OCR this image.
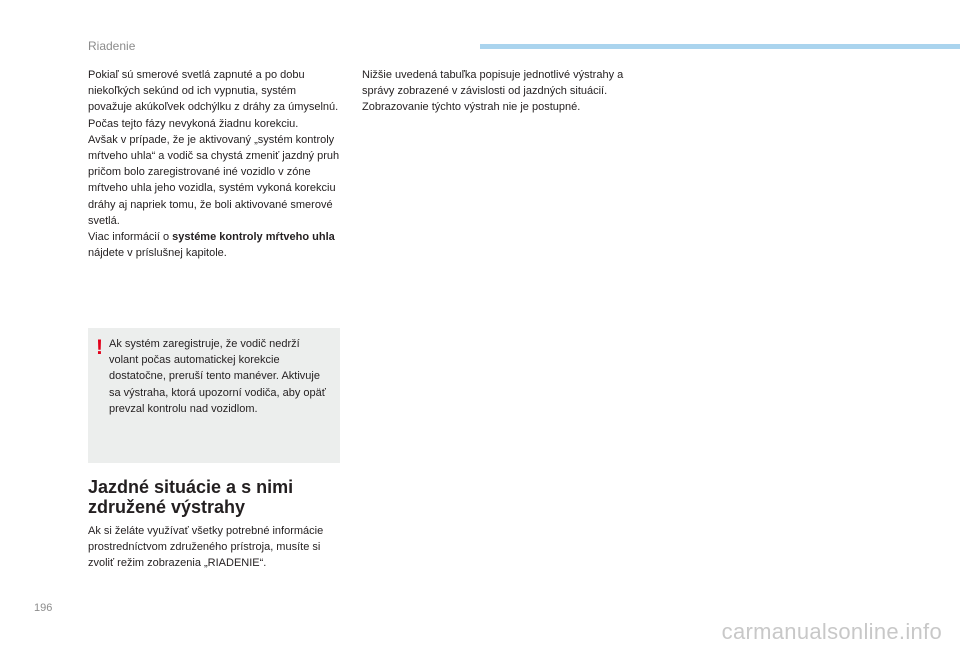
Riadenie

Pokiaľ sú smerové svetlá zapnuté a po dobu niekoľkých sekúnd od ich vypnutia, systém považuje akúkoľvek odchýlku z dráhy za úmyselnú. Počas tejto fázy nevykoná žiadnu korekciu.

Avšak v prípade, že je aktivovaný „systém kontroly mŕtveho uhla“ a vodič sa chystá zmeniť jazdný pruh pričom bolo zaregistrované iné vozidlo v zóne mŕtveho uhla jeho vozidla, systém vykoná korekciu dráhy aj napriek tomu, že boli aktivované smerové svetlá.

Viac informácií o systéme kontroly mŕtveho uhla nájdete v príslušnej kapitole.

! Ak systém zaregistruje, že vodič nedrží volant počas automatickej korekcie dostatočne, preruší tento manéver. Aktivuje sa výstraha, ktorá upozorní vodiča, aby opäť prevzal kontrolu nad vozidlom.

Jazdné situácie a s nimi združené výstrahy

Ak si želáte využívať všetky potrebné informácie prostredníctvom združeného prístroja, musíte si zvoliť režim zobrazenia „RIADENIE“.

Nižšie uvedená tabuľka popisuje jednotlivé výstrahy a správy zobrazené v závislosti od jazdných situácií.

Zobrazovanie týchto výstrah nie je postupné.

196
carmanualsonline.info
